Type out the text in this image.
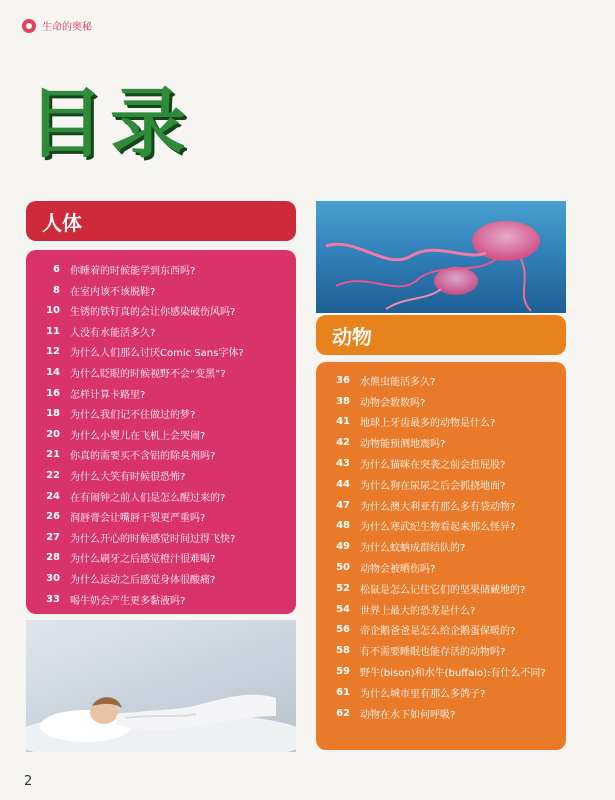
生命的奥秘
目录
人体
6 你睡着的时候能学到东西吗?
8 在室内该不该脱鞋?
10 生锈的铁钉真的会让你感染破伤风吗?
11 人没有水能活多久?
12 为什么人们那么讨厌Comic Sans字体?
14 为什么眨眼的时候视野不会“变黑”?
16 怎样计算卡路里?
18 为什么我们记不住做过的梦?
20 为什么小婴儿在飞机上会哭闹?
21 你真的需要买不含铝的除臭剂吗?
22 为什么大笑有时候很恐怖?
24 在有闹钟之前人们是怎么醒过来的?
26 润唇膏会让嘴唇干裂更严重吗?
27 为什么开心的时候感觉时间过得飞快?
28 为什么刷牙之后感觉橙汁很难喝?
30 为什么运动之后感觉身体很酸痛?
33 喝牛奶会产生更多黏液吗?
动物
36 水熊虫能活多久?
38 动物会数数吗?
41 地球上牙齿最多的动物是什么?
42 动物能预测地震吗?
43 为什么猫咪在突袭之前会扭屁股?
44 为什么狗在尿尿之后会抓挠地面?
47 为什么澳大利亚有那么多有袋动物?
48 为什么寒武纪生物看起来那么怪异?
49 为什么蚊蚋成群结队的?
50 动物会被晒伤吗?
52 松鼠是怎么记住它们的坚果储藏地的?
54 世界上最大的恐龙是什么?
56 帝企鹅爸爸是怎么给企鹅蛋保暖的?
58 有不需要睡眠也能存活的动物吗?
59 野牛(bison)和水牛(buffalo):有什么不同?
61 为什么城市里有那么多鸽子?
62 动物在水下如何呼吸?
2
